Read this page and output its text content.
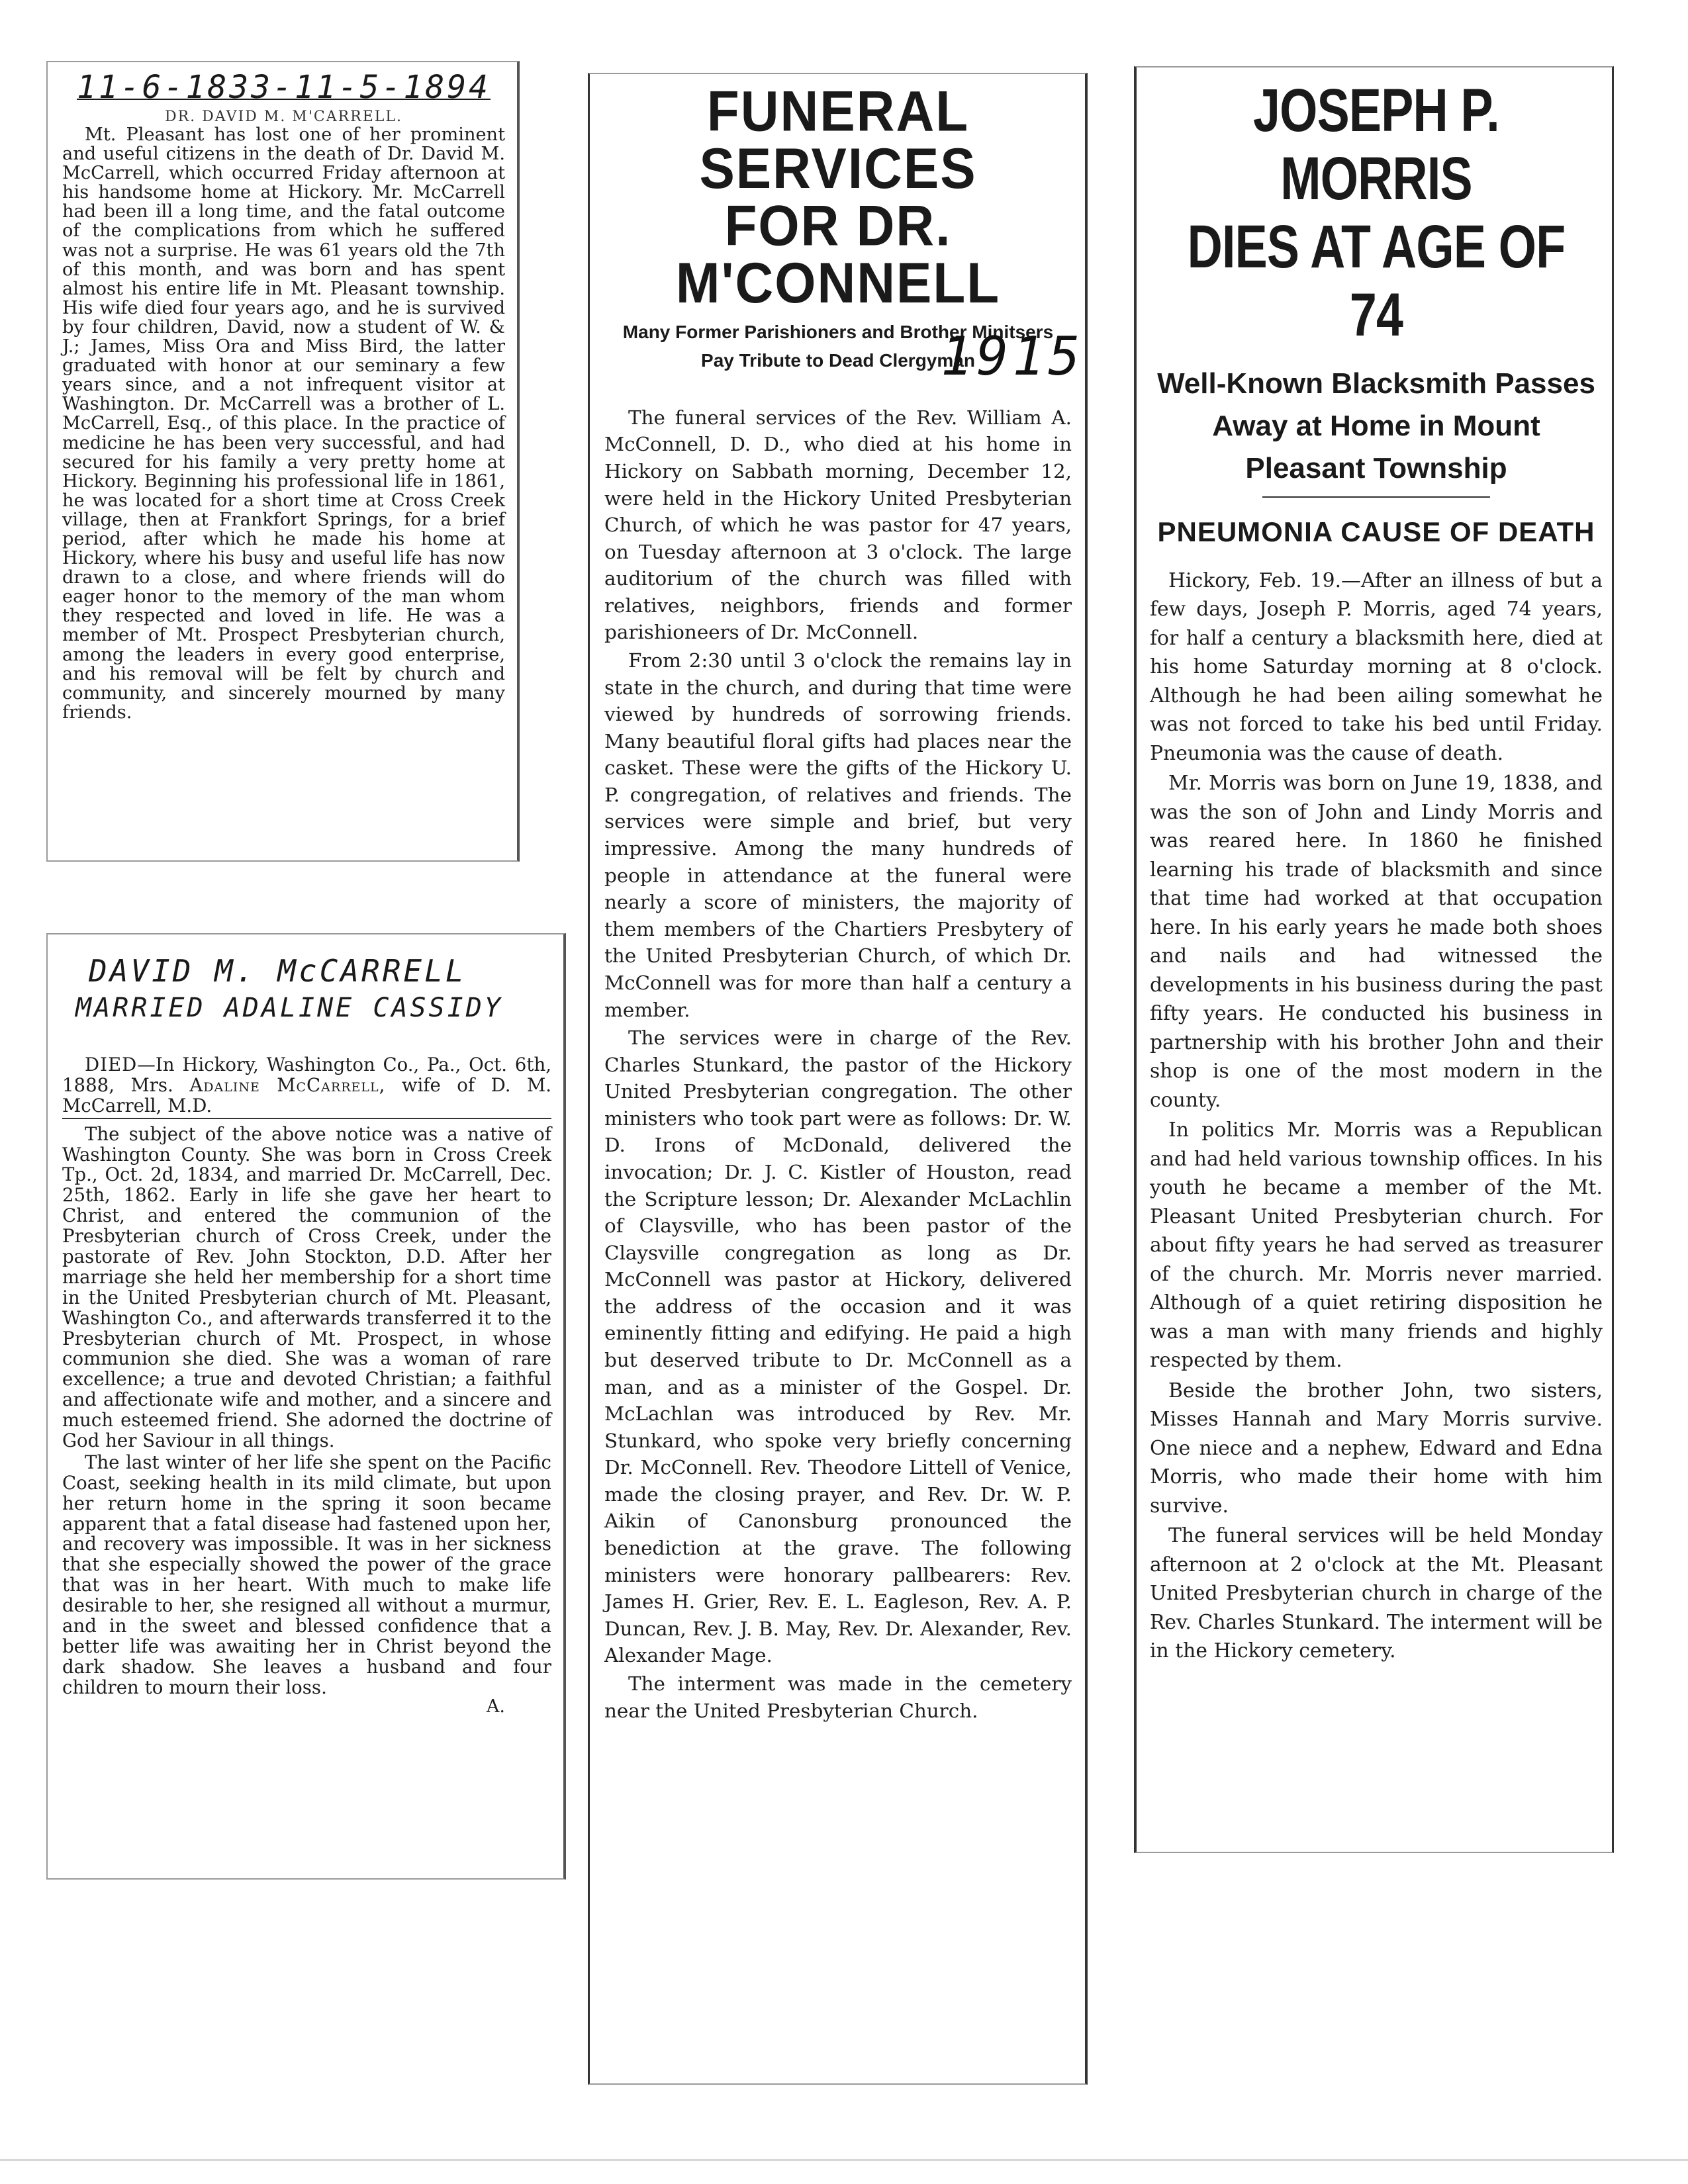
11-6-1833-11-5-1894
DR. DAVID M. M'CARRELL.

Mt. Pleasant has lost one of her prominent and useful citizens in the death of Dr. David M. McCarrell, which occurred Friday afternoon at his handsome home at Hickory. Mr. McCarrell had been ill a long time, and the fatal outcome of the complications from which he suffered was not a surprise. He was 61 years old the 7th of this month, and was born and has spent almost his entire life in Mt. Pleasant township. His wife died four years ago, and he is survived by four children, David, now a student of W. & J.; James, Miss Ora and Miss Bird, the latter graduated with honor at our seminary a few years since, and a not infrequent visitor at Washington. Dr. McCarrell was a brother of L. McCarrell, Esq., of this place. In the practice of medicine he has been very successful, and had secured for his family a very pretty home at Hickory. Beginning his professional life in 1861, he was located for a short time at Cross Creek village, then at Frankfort Springs, for a brief period, after which he made his home at Hickory, where his busy and useful life has now drawn to a close, and where friends will do eager honor to the memory of the man whom they respected and loved in life. He was a member of Mt. Prospect Presbyterian church, among the leaders in every good enterprise, and his removal will be felt by church and community, and sincerely mourned by many friends.

DAVID M. McCARRELL
MARRIED ADALINE CASSIDY

DIED—In Hickory, Washington Co., Pa., Oct. 6th, 1888, Mrs. Adaline McCarrell, wife of D. M. McCarrell, M.D.

The subject of the above notice was a native of Washington County. She was born in Cross Creek Tp., Oct. 2d, 1834, and married Dr. McCarrell, Dec. 25th, 1862. Early in life she gave her heart to Christ, and entered the communion of the Presbyterian church of Cross Creek, under the pastorate of Rev. John Stockton, D.D. After her marriage she held her membership for a short time in the United Presbyterian church of Mt. Pleasant, Washington Co., and afterwards transferred it to the Presbyterian church of Mt. Prospect, in whose communion she died. She was a woman of rare excellence; a true and devoted Christian; a faithful and affectionate wife and mother, and a sincere and much esteemed friend. She adorned the doctrine of God her Saviour in all things.

The last winter of her life she spent on the Pacific Coast, seeking health in its mild climate, but upon her return home in the spring it soon became apparent that a fatal disease had fastened upon her, and recovery was impossible. It was in her sickness that she especially showed the power of the grace that was in her heart. With much to make life desirable to her, she resigned all without a murmur, and in the sweet and blessed confidence that a better life was awaiting her in Christ beyond the dark shadow. She leaves a husband and four children to mourn their loss.

A.
FUNERAL SERVICES
FOR DR. M'CONNELL
Many Former Parishioners and Brother Minitsers Pay Tribute to Dead Clergyman
1915

The funeral services of the Rev. William A. McConnell, D. D., who died at his home in Hickory on Sabbath morning, December 12, were held in the Hickory United Presbyterian Church, of which he was pastor for 47 years, on Tuesday afternoon at 3 o'clock. The large auditorium of the church was filled with relatives, neighbors, friends and former parishioneers of Dr. McConnell.

From 2:30 until 3 o'clock the remains lay in state in the church, and during that time were viewed by hundreds of sorrowing friends. Many beautiful floral gifts had places near the casket. These were the gifts of the Hickory U. P. congregation, of relatives and friends. The services were simple and brief, but very impressive. Among the many hundreds of people in attendance at the funeral were nearly a score of ministers, the majority of them members of the Chartiers Presbytery of the United Presbyterian Church, of which Dr. McConnell was for more than half a century a member.

The services were in charge of the Rev. Charles Stunkard, the pastor of the Hickory United Presbyterian congregation. The other ministers who took part were as follows: Dr. W. D. Irons of McDonald, delivered the invocation; Dr. J. C. Kistler of Houston, read the Scripture lesson; Dr. Alexander McLachlin of Claysville, who has been pastor of the Claysville congregation as long as Dr. McConnell was pastor at Hickory, delivered the address of the occasion and it was eminently fitting and edifying. He paid a high but deserved tribute to Dr. McConnell as a man, and as a minister of the Gospel. Dr. McLachlan was introduced by Rev. Mr. Stunkard, who spoke very briefly concerning Dr. McConnell. Rev. Theodore Littell of Venice, made the closing prayer, and Rev. Dr. W. P. Aikin of Canonsburg pronounced the benediction at the grave. The following ministers were honorary pallbearers: Rev. James H. Grier, Rev. E. L. Eagleson, Rev. A. P. Duncan, Rev. J. B. May, Rev. Dr. Alexander, Rev. Alexander Mage.

The interment was made in the cemetery near the United Presbyterian Church.

JOSEPH P. MORRIS
DIES AT AGE OF 74
Well-Known Blacksmith Passes
Away at Home in Mount
Pleasant Township
PNEUMONIA CAUSE OF DEATH

Hickory, Feb. 19.—After an illness of but a few days, Joseph P. Morris, aged 74 years, for half a century a blacksmith here, died at his home Saturday morning at 8 o'clock. Although he had been ailing somewhat he was not forced to take his bed until Friday. Pneumonia was the cause of death.

Mr. Morris was born on June 19, 1838, and was the son of John and Lindy Morris and was reared here. In 1860 he finished learning his trade of blacksmith and since that time had worked at that occupation here. In his early years he made both shoes and nails and had witnessed the developments in his business during the past fifty years. He conducted his business in partnership with his brother John and their shop is one of the most modern in the county.

In politics Mr. Morris was a Republican and had held various township offices. In his youth he became a member of the Mt. Pleasant United Presbyterian church. For about fifty years he had served as treasurer of the church. Mr. Morris never married. Although of a quiet retiring disposition he was a man with many friends and highly respected by them.

Beside the brother John, two sisters, Misses Hannah and Mary Morris survive. One niece and a nephew, Edward and Edna Morris, who made their home with him survive.

The funeral services will be held Monday afternoon at 2 o'clock at the Mt. Pleasant United Presbyterian church in charge of the Rev. Charles Stunkard. The interment will be in the Hickory cemetery.
